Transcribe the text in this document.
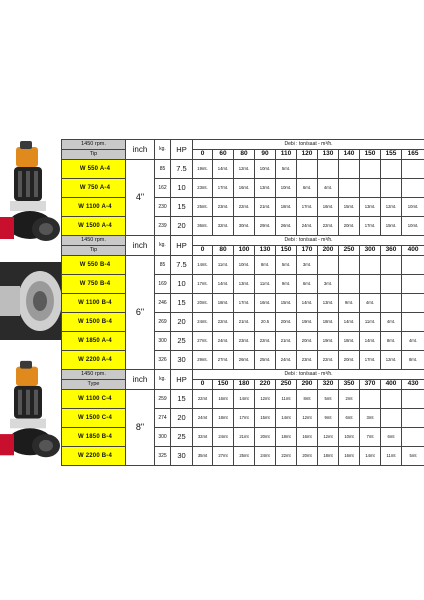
1450 rpm.	inch	kg.	HP	Debi : ton/saat - m³/h.										
Tip				0	60	80	90	110	120	130	140	150	155	165
W 550 A-4	4"	85	7.5	19mt.	14mt.	12mt.	10mt.	5mt.						
W 750 A-4		162	10	23mt.	17mt.	16mt.	13mt.	10mt.	6mt.	4mt.				
W 1100 A-4		230	15	25mt.	23mt.	22mt.	21mt.	18mt.	17mt.	16mt.	15mt.	13mt.	12mt.	10mt.
W 1500 A-4		239	20	36mt.	32mt.	30mt.	29mt.	26mt.	24mt.	22mt.	20mt.	17mt.	15mt.	10mt.
1450 rpm.	inch	kg.	HP	Debi : ton/saat - m³/h.										
Tip				0	80	100	130	150	170	200	250	300	360	400
W 550 B-4	6"	85	7.5	14mt.	11mt.	10mt.	8mt.	5mt.	3mt.					
W 750 B-4		169	10	17mt.	14mt.	13mt.	11mt.	9mt.	6mt.	3mt.				
W 1100 B-4		246	15	20mt.	18mt.	17mt.	16mt.	15mt.	14mt.	13mt.	9mt.	4mt.		
W 1500 B-4		269	20	24mt.	22mt.	21mt.	20.5	20mt.	19mt.	18mt.	14mt.	11mt.	4mt.	
W 1850 A-4		300	25	27mt.	24mt.	23mt.	22mt.	21mt.	20mt.	19mt.	18mt.	14mt.	8mt.	4mt.
W 2200 A-4		326	30	29mt.	27mt.	26mt.	25mt.	24mt.	23mt.	22mt.	20mt.	17mt.	12mt.	8mt.
1450 rpm.	inch	kg.	HP	Debi : ton/saat - m³/h.										
Type				0	150	180	220	250	290	320	350	370	400	430
W 1100 C-4	8"	259	15	22mt	16mt	14mt	12mt	11mt	8mt	5mt	2mt			
W 1500 C-4		274	20	24mt	18mt	17mt	15mt	14mt	12mt	9mt	6mt	3mt		
W 1850 B-4		300	25	32mt	24mt	21mt	20mt	18mt	16mt	12mt	10mt	7mt	6mt	
W 2200 B-4		325	30	35mt	27mt	25mt	24mt	22mt	20mt	18mt	16mt	14mt	11mt	5mt
